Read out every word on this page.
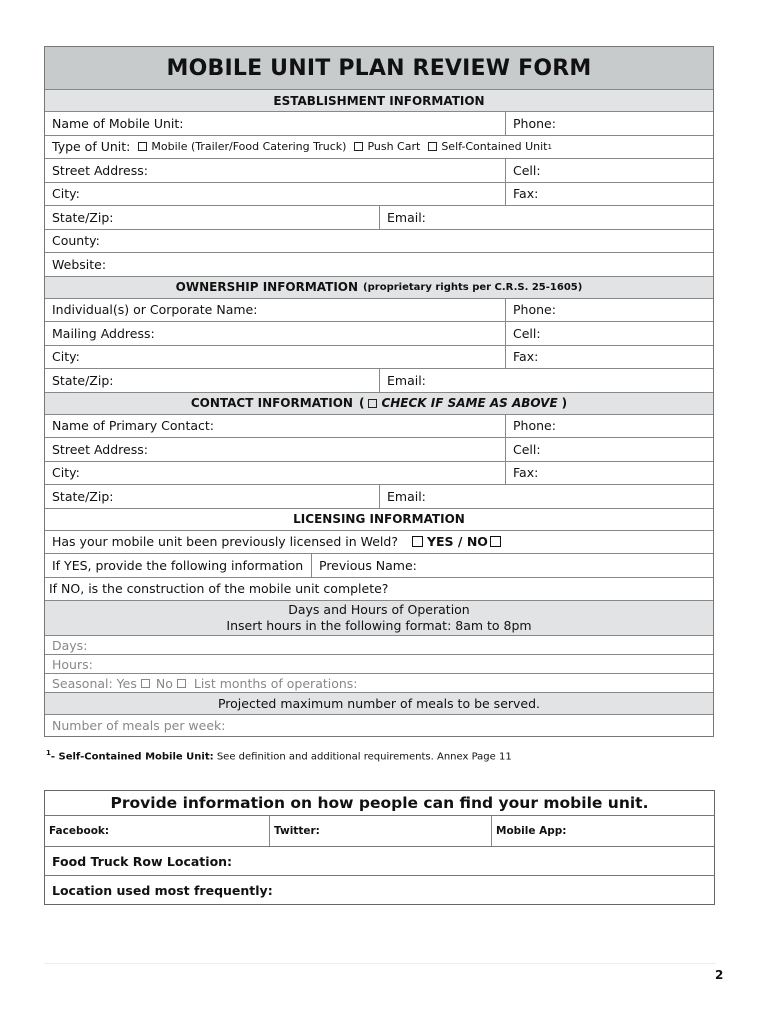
MOBILE UNIT PLAN REVIEW FORM
ESTABLISHMENT INFORMATION
Name of Mobile Unit:	Phone:
Type of Unit: Mobile (Trailer/Food Catering Truck) Push Cart Self-Contained Unit 1
Street Address:	Cell:
City:	Fax:
State/Zip:	Email:
County:
Website:
OWNERSHIP INFORMATION (proprietary rights per C.R.S. 25-1605)
Individual(s) or Corporate Name:	Phone:
Mailing Address:	Cell:
City:	Fax:
State/Zip:	Email:
CONTACT INFORMATION ( CHECK IF SAME AS ABOVE )
Name of Primary Contact:	Phone:
Street Address:	Cell:
City:	Fax:
State/Zip:	Email:
LICENSING INFORMATION
Has your mobile unit been previously licensed in Weld? YES / NO
If YES, provide the following information	Previous Name:
If NO, is the construction of the mobile unit complete?
Days and Hours of Operation
Insert hours in the following format: 8am to 8pm
Days:
Hours:
Seasonal: Yes No List months of operations:
Projected maximum number of meals to be served.
Number of meals per week:
$^1$- Self-Contained Mobile Unit: See definition and additional requirements. Annex Page 11
Provide information on how people can find your mobile unit.
Facebook:	Twitter:	Mobile App:
Food Truck Row Location:
Location used most frequently:
2
